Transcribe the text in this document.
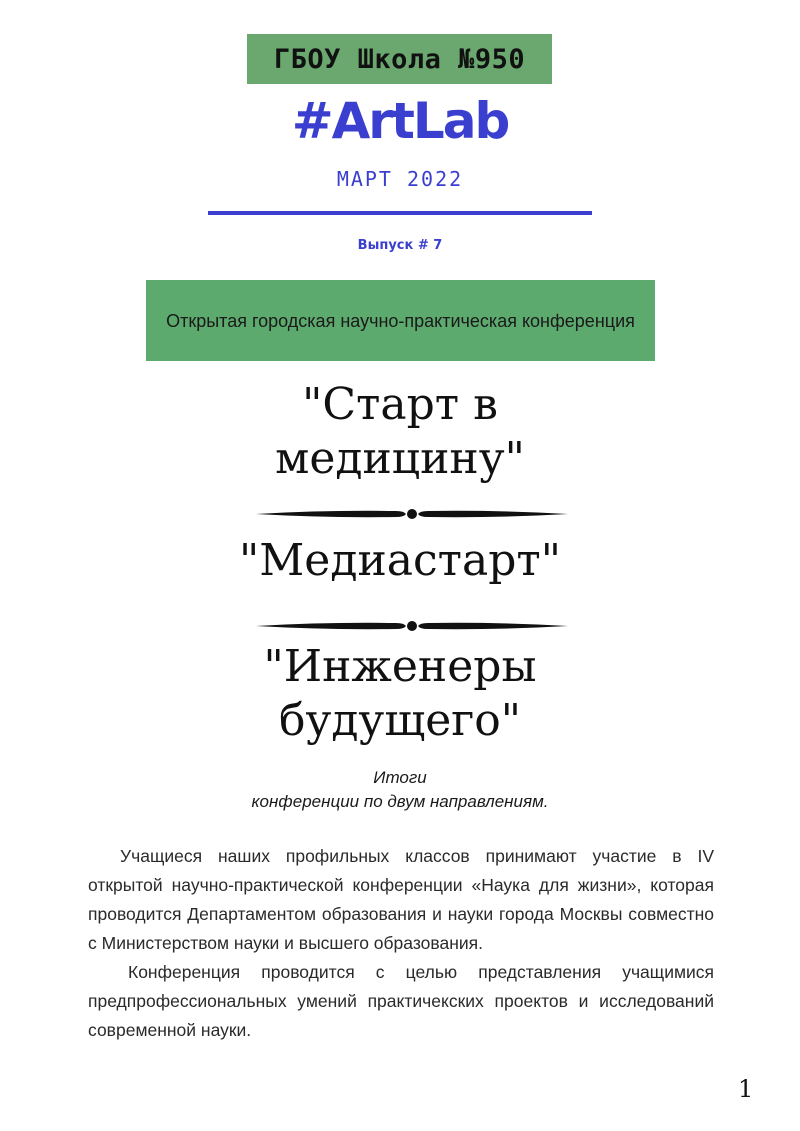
ГБОУ Школа №950
#ArtLab
МАРТ 2022
Выпуск # 7
Открытая городская научно-практическая конференция
"Старт в медицину"
"Медиастарт"
"Инженеры будущего"
Итоги
конференции по двум направлениям.

Учащиеся наших профильных классов принимают участие в IV открытой научно-практической конференции «Наука для жизни», которая проводится Департаментом образования и науки города Москвы совместно с Министерством науки и высшего образования.

Конференция проводится с целью представления учащимися предпрофессиональных умений практичекских проектов и исследований современной науки.

1
